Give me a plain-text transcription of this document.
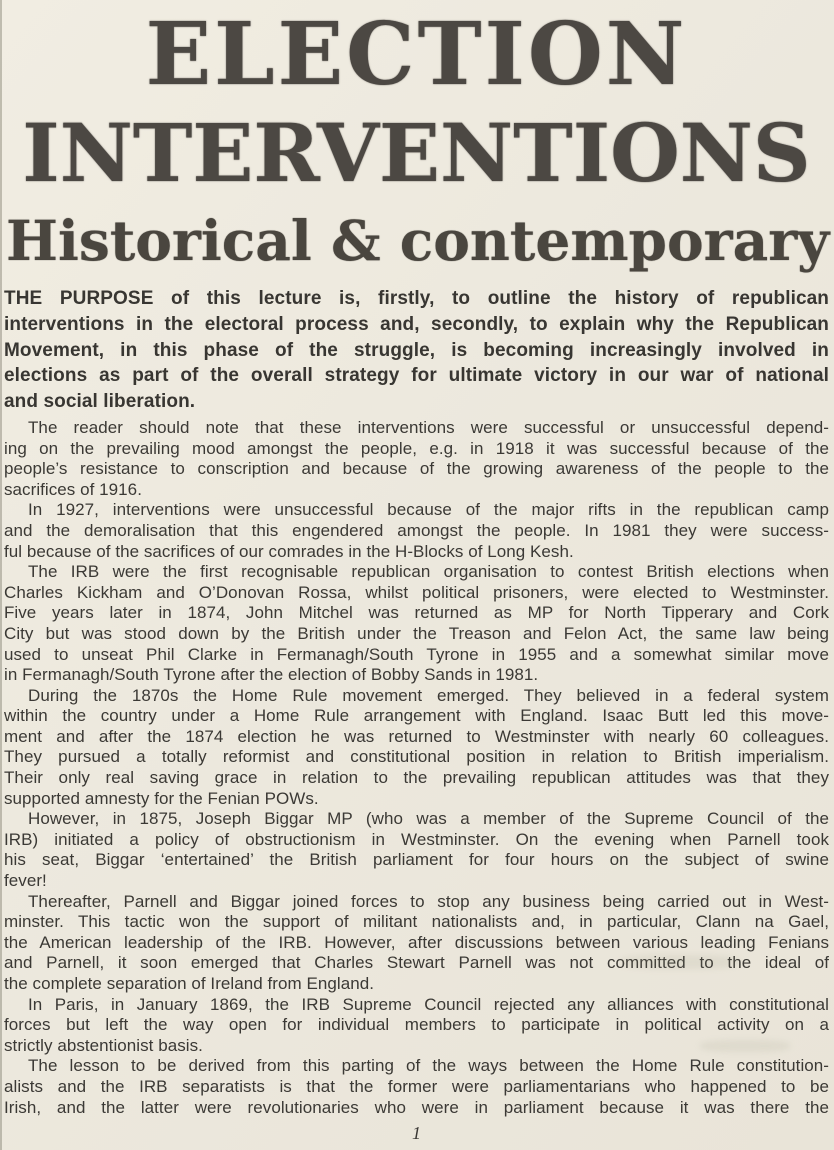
ELECTION
INTERVENTIONS
Historical & contemporary
THE PURPOSE of this lecture is, firstly, to outline the history of republican
interventions in the electoral process and, secondly, to explain why the Republican
Movement, in this phase of the struggle, is becoming increasingly involved in
elections as part of the overall strategy for ultimate victory in our war of national
and social liberation.
The reader should note that these interventions were successful or unsuccessful depend-
ing on the prevailing mood amongst the people, e.g. in 1918 it was successful because of the
people’s resistance to conscription and because of the growing awareness of the people to the
sacrifices of 1916.
In 1927, interventions were unsuccessful because of the major rifts in the republican camp
and the demoralisation that this engendered amongst the people. In 1981 they were success-
ful because of the sacrifices of our comrades in the H-Blocks of Long Kesh.
The IRB were the first recognisable republican organisation to contest British elections when
Charles Kickham and O’Donovan Rossa, whilst political prisoners, were elected to Westminster.
Five years later in 1874, John Mitchel was returned as MP for North Tipperary and Cork
City but was stood down by the British under the Treason and Felon Act, the same law being
used to unseat Phil Clarke in Fermanagh/South Tyrone in 1955 and a somewhat similar move
in Fermanagh/South Tyrone after the election of Bobby Sands in 1981.
During the 1870s the Home Rule movement emerged. They believed in a federal system
within the country under a Home Rule arrangement with England. Isaac Butt led this move-
ment and after the 1874 election he was returned to Westminster with nearly 60 colleagues.
They pursued a totally reformist and constitutional position in relation to British imperialism.
Their only real saving grace in relation to the prevailing republican attitudes was that they
supported amnesty for the Fenian POWs.
However, in 1875, Joseph Biggar MP (who was a member of the Supreme Council of the
IRB) initiated a policy of obstructionism in Westminster. On the evening when Parnell took
his seat, Biggar ‘entertained’ the British parliament for four hours on the subject of swine
fever!
Thereafter, Parnell and Biggar joined forces to stop any business being carried out in West-
minster. This tactic won the support of militant nationalists and, in particular, Clann na Gael,
the American leadership of the IRB. However, after discussions between various leading Fenians
and Parnell, it soon emerged that Charles Stewart Parnell was not committed to the ideal of
the complete separation of Ireland from England.
In Paris, in January 1869, the IRB Supreme Council rejected any alliances with constitutional
forces but left the way open for individual members to participate in political activity on a
strictly abstentionist basis.
The lesson to be derived from this parting of the ways between the Home Rule constitution-
alists and the IRB separatists is that the former were parliamentarians who happened to be
Irish, and the latter were revolutionaries who were in parliament because it was there the
1
